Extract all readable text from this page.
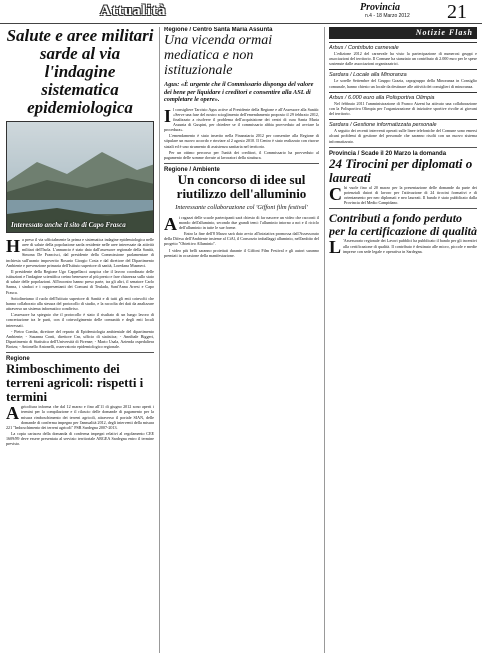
Attualità	Provincia
n.4 - 18 Marzo 2012 21
Salute e aree militari sarde al via l'indagine sistematica epidemiologica
Interessato anche il sito di Capo Frasca
H a preso il via ufficialmente la prima e sistematica indagine epidemiologica nelle aree di salute della popolazione sarda residente nelle aree interessate da attività militari dell'Isola. L'annuncio è stato dato dall'assessore regionale della Sanità, Simona De Francisci, dal presidente della Commissione parlamentare di inchiesta sull'uranio impoverito Rosario Giorgio Costa e dal direttore del Dipartimento Ambiente e prevenzione primaria dell'Istituto superiore di sanità, Loredana Musmeci.

Il presidente della Regione Ugo Cappellacci auspica che il lavoro coordinato delle istituzioni e l'indagine scientifica creino benessere al più presto e fare chiarezza sullo stato di salute delle popolazioni. All'incontro hanno preso parte, tra gli altri, il senatore Carlo Sanna, i sindaci e i rappresentanti dei Comuni di Teulada, Sant'Anna Arresi e Capo Frasca.

Sottolineiamo il ruolo dell'Istituto superiore di Sanità e di tutti gli enti coinvolti che hanno collaborato alla stesura del protocollo di studio, e la raccolta dei dati da analizzare attraverso un sistema informatico condiviso.

L'assessore ha spiegato che il protocollo è stato il risultato di un lungo lavoro di concertazione tra le parti, con il coinvolgimento delle comunità e degli enti locali interessati.

- Pietro Comba, direttore del reparto di Epidemiologia ambientale del dipartimento Ambiente; - Susanna Conti, direttore Cnr, ufficio di statistica; - Annibale Biggeri, Dipartimento di Statistica dell'Università di Firenze; - Mario Usala, Azienda ospedaliera Brotzu; - Antonello Antonelli, osservatorio epidemiologico regionale.

Regione
Rimboschimento dei terreni agricoli: rispetti i termini
A gricoltura informa che dal 12 marzo e fino all'11 di giugno 2012 sono aperti i termini per la compilazione e il rilascio delle domande di pagamento per la misura rimboschimento dei terreni agricoli, attraverso il portale SIAN, delle domande di conferma impegno per l'annualità 2012, degli interventi della misura 221 "Imboschimento dei terreni agricoli" PSR Sardegna 2007-2013.

La copia cartacea della domanda di conferma impegni relativi al regolamento CEE 1609/89 deve essere presentata al servizio territoriale ARGEA Sardegna entro il termine previsto.

Regione / Centro Santa Maria Assunta
Una vicenda ormai mediatica e non istituzionale
Agus: «È urgente che il Commissario disponga del valore dei bene per liquidare i creditori e consentire alla ASL di completare le opere».
I l consigliere Tarcisio Agus active al Presidente della Regione e all'Assessore alla Sanità: «Serve una fase del nostro scioglimento dell'emendamento proposto il 29 febbraio 2012, finalizzato a risolvere il problema dell'acquisizione dei centri di cura Santa Maria Assunta di Guspini, per chiedere se il commissario abbia provveduto ad avviare la procedura».

L'emendamento è stato inserito nella Finanziaria 2012 per consentire alla Regione di stipulare un nuovo accordo e rinviare al 2 agosto 2010. Il Centro è stato realizzato con risorse statali ed è uno strumento di assistenza sanitaria nel territorio.

Per un ottimo percorso per l'unità dei creditori, il Commissario ha provveduto al pagamento delle somme dovute ai lavoratori della struttura.

Regione / Ambiente
Un concorso di idee sul riutilizzo dell'alluminio
Interessante collaborazione col 'Giffoni film festival'
A i ragazzi delle scuole partecipanti sarà chiesto di far nascere un video che racconti il mondo dell'alluminio, secondo due grandi temi: l'alluminio intorno a noi e il riciclo dell'alluminio in tutte le sue forme.

Entro la fine dell'8 Marzo sarà dato avvio all'iniziativa promossa dall'Assessorato della Difesa dell'Ambiente insieme al CiAl, il Consorzio imballaggi alluminio, nell'ambito del progetto "Obiettivo Alluminio".

I video più belli saranno proiettati durante il Giffoni Film Festival e gli autori saranno premiati in occasione della manifestazione.

Notizie Flash
Arbus / Contributo carnevale

L'edizione 2012 del carnevale ha visto la partecipazione di numerosi gruppi e associazioni del territorio. Il Comune ha stanziato un contributo di 2.000 euro per le spese sostenute dalle associazioni organizzatrici.

Sardara / Locale alla Minoranza

Le sorelle Settembre del Gruppo Grazia, capogruppo della Minoranza in Consiglio comunale, hanno chiesto un locale da destinare alle attività dei consiglieri di minoranza.

Arbus / 6.000 euro alla Polisportiva Olimpia

Nel febbraio 2011 l'amministrazione di Franco Atzeni ha attivato una collaborazione con la Polisportiva Olimpia per l'organizzazione di iniziative sportive rivolte ai giovani del territorio.

Sardara / Gestione informatizzata personale

A seguito dei recenti interventi operati sulle linee telefoniche del Comune sono emersi alcuni problemi di gestione del personale che saranno risolti con un nuovo sistema informatizzato.

Provincia / Scade il 20 Marzo la domanda
24 Tirocini per diplomati o laureati
C hi vuole fino al 20 marzo per la presentazione delle domande da parte dei potenziali datori di lavoro per l'attivazione di 24 tirocini formativi e di orientamento per neo diplomati e neo laureati. Il bando è stato pubblicato dalla Provincia del Medio Campidano.

Contributi a fondo perduto per la certificazione di qualità
L 'Assessorato regionale dei Lavori pubblici ha pubblicato il bando per gli incentivi alla certificazione di qualità. Il contributo è destinato alle micro, piccole e medie imprese con sede legale e operativa in Sardegna.
